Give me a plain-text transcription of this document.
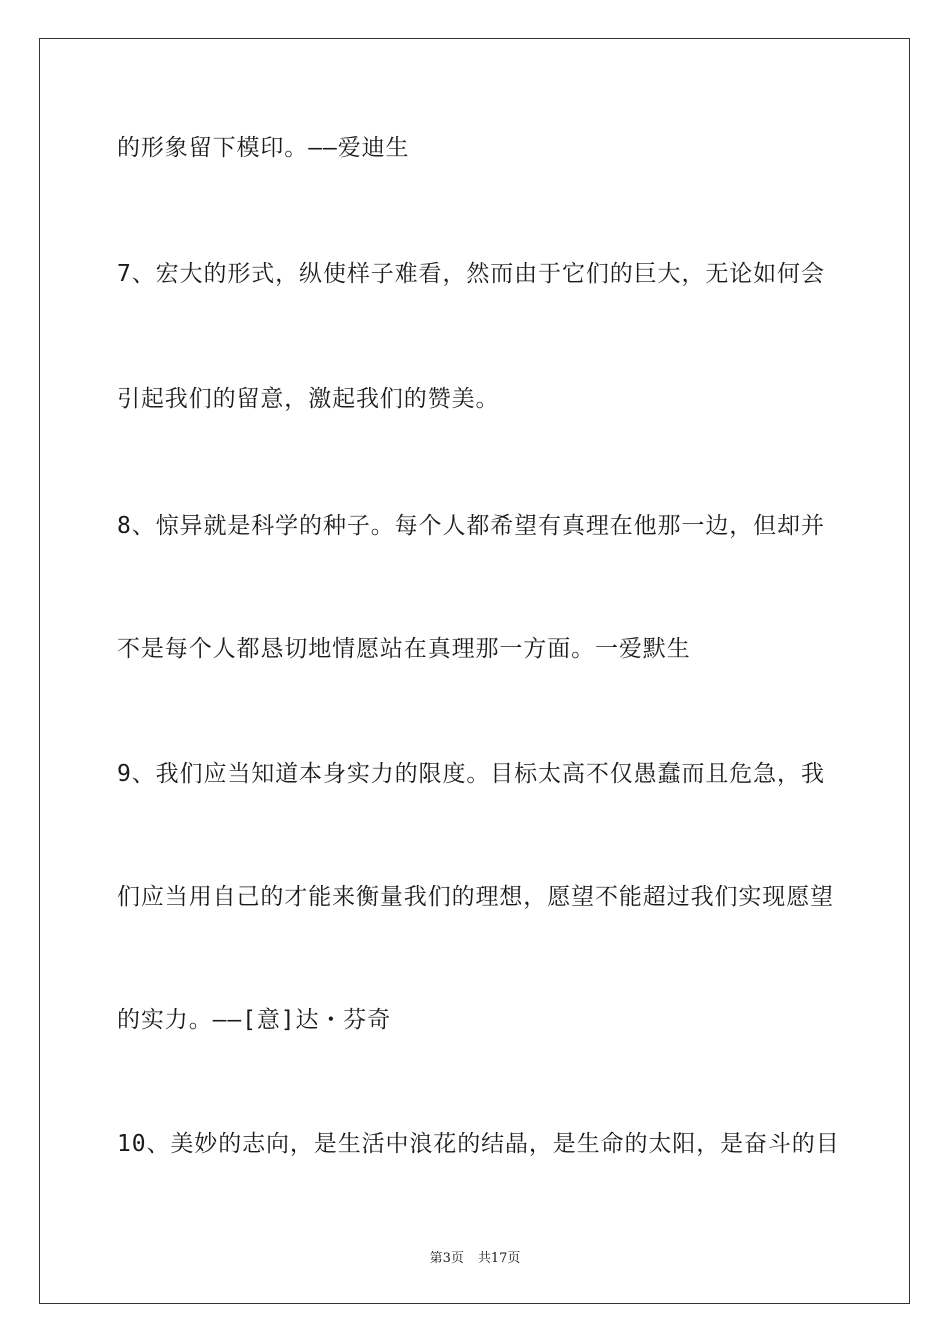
的形象留下模印。——爱迪生

7、宏大的形式，纵使样子难看，然而由于它们的巨大，无论如何会

引起我们的留意，激起我们的赞美。

8、惊异就是科学的种子。每个人都希望有真理在他那一边，但却并

不是每个人都恳切地情愿站在真理那一方面。一爱默生

9、我们应当知道本身实力的限度。目标太高不仅愚蠢而且危急，我

们应当用自己的才能来衡量我们的理想，愿望不能超过我们实现愿望

的实力。——[意]达・芬奇

10、美妙的志向，是生活中浪花的结晶，是生命的太阳，是奋斗的目

第3页 共17页
